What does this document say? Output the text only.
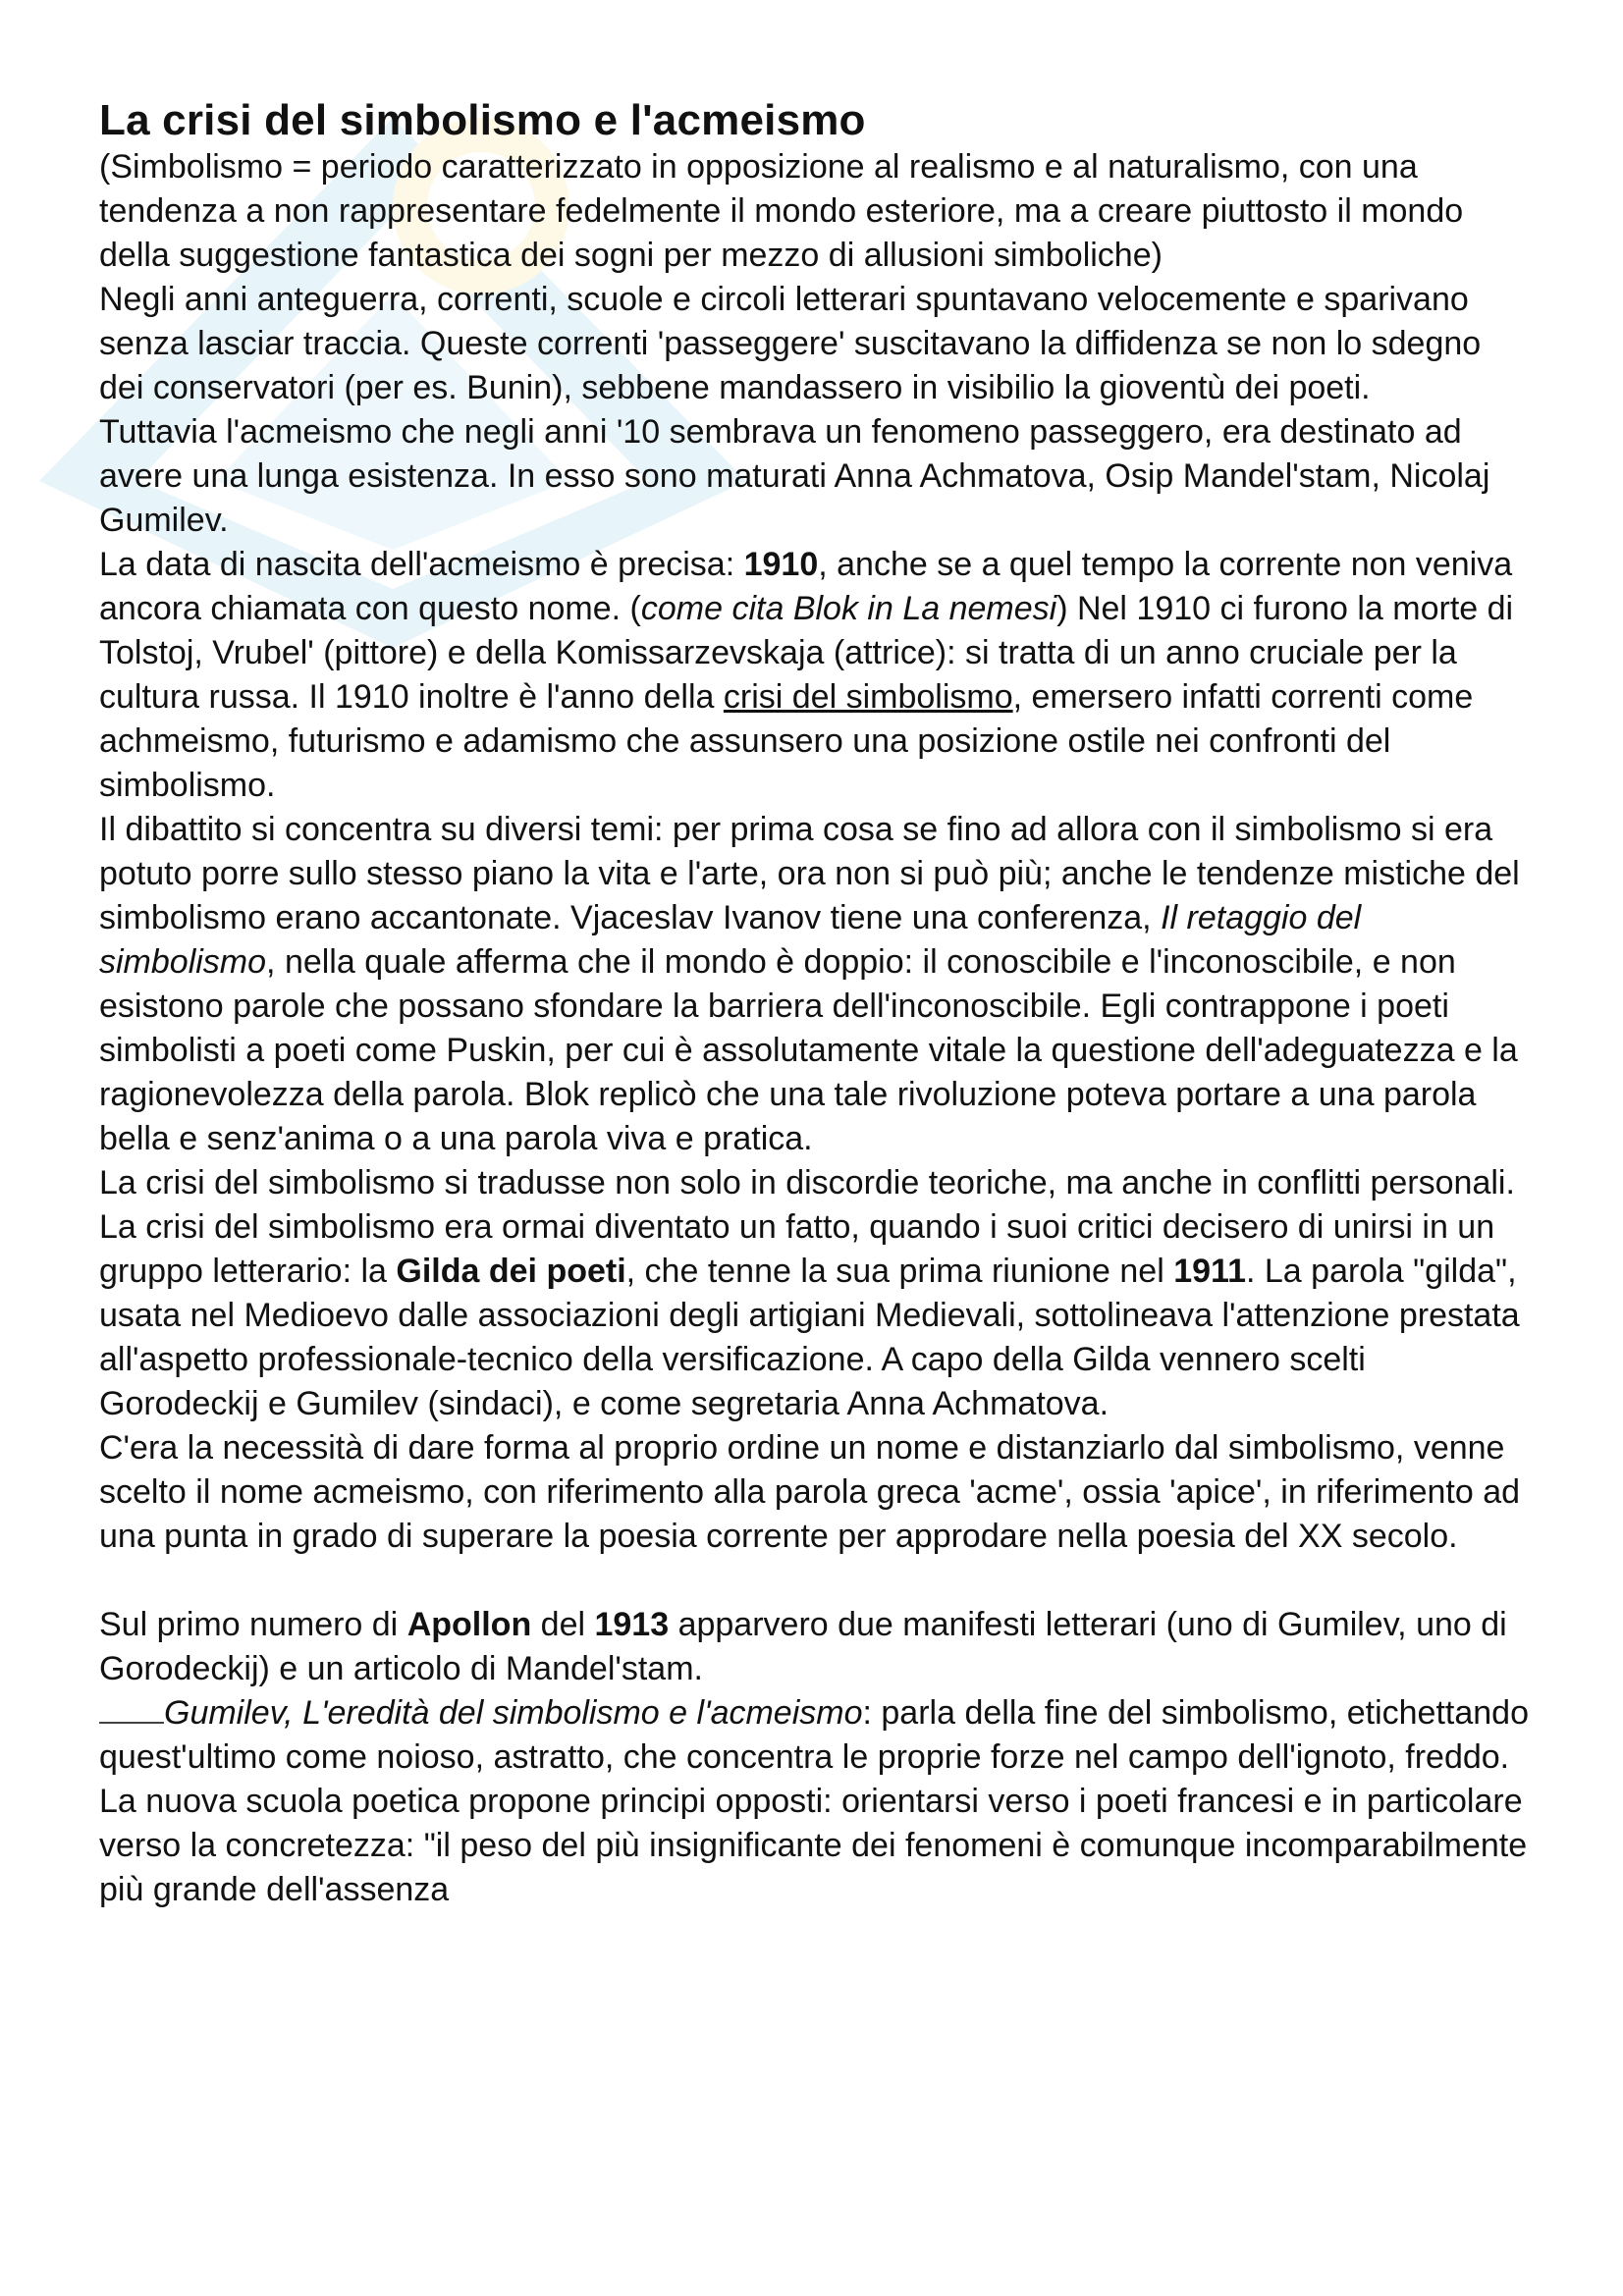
La crisi del simbolismo e l'acmeismo

(Simbolismo = periodo caratterizzato in opposizione al realismo e al naturalismo, con una tendenza a non rappresentare fedelmente il mondo esteriore, ma a creare piuttosto il mondo della suggestione fantastica dei sogni per mezzo di allusioni simboliche)

Negli anni anteguerra, correnti, scuole e circoli letterari spuntavano velocemente e sparivano senza lasciar traccia. Queste correnti 'passeggere' suscitavano la diffidenza se non lo sdegno dei conservatori (per es. Bunin), sebbene mandassero in visibilio la gioventù dei poeti.

Tuttavia l'acmeismo che negli anni '10 sembrava un fenomeno passeggero, era destinato ad avere una lunga esistenza. In esso sono maturati Anna Achmatova, Osip Mandel'stam, Nicolaj Gumilev.

La data di nascita dell'acmeismo è precisa: 1910, anche se a quel tempo la corrente non veniva ancora chiamata con questo nome. (come cita Blok in La nemesi) Nel 1910 ci furono la morte di Tolstoj, Vrubel' (pittore) e della Komissarzevskaja (attrice): si tratta di un anno cruciale per la cultura russa. Il 1910 inoltre è l'anno della crisi del simbolismo, emersero infatti correnti come achmeismo, futurismo e adamismo che assunsero una posizione ostile nei confronti del simbolismo.

Il dibattito si concentra su diversi temi: per prima cosa se fino ad allora con il simbolismo si era potuto porre sullo stesso piano la vita e l'arte, ora non si può più; anche le tendenze mistiche del simbolismo erano accantonate. Vjaceslav Ivanov tiene una conferenza, Il retaggio del simbolismo, nella quale afferma che il mondo è doppio: il conoscibile e l'inconoscibile, e non esistono parole che possano sfondare la barriera dell'inconoscibile. Egli contrappone i poeti simbolisti a poeti come Puskin, per cui è assolutamente vitale la questione dell'adeguatezza e la ragionevolezza della parola. Blok replicò che una tale rivoluzione poteva portare a una parola bella e senz'anima o a una parola viva e pratica.

La crisi del simbolismo si tradusse non solo in discordie teoriche, ma anche in conflitti personali.

La crisi del simbolismo era ormai diventato un fatto, quando i suoi critici decisero di unirsi in un gruppo letterario: la Gilda dei poeti, che tenne la sua prima riunione nel 1911. La parola "gilda", usata nel Medioevo dalle associazioni degli artigiani Medievali, sottolineava l'attenzione prestata all'aspetto professionale-tecnico della versificazione. A capo della Gilda vennero scelti Gorodeckij e Gumilev (sindaci), e come segretaria Anna Achmatova.

C'era la necessità di dare forma al proprio ordine un nome e distanziarlo dal simbolismo, venne scelto il nome acmeismo, con riferimento alla parola greca 'acme', ossia 'apice', in riferimento ad una punta in grado di superare la poesia corrente per approdare nella poesia del XX secolo.

Sul primo numero di Apollon del 1913 apparvero due manifesti letterari (uno di Gumilev, uno di Gorodeckij) e un articolo di Mandel'stam.

Gumilev, L'eredità del simbolismo e l'acmeismo: parla della fine del simbolismo, etichettando quest'ultimo come noioso, astratto, che concentra le proprie forze nel campo dell'ignoto, freddo. La nuova scuola poetica propone principi opposti: orientarsi verso i poeti francesi e in particolare verso la concretezza: "il peso del più insignificante dei fenomeni è comunque incomparabilmente più grande dell'assenza
